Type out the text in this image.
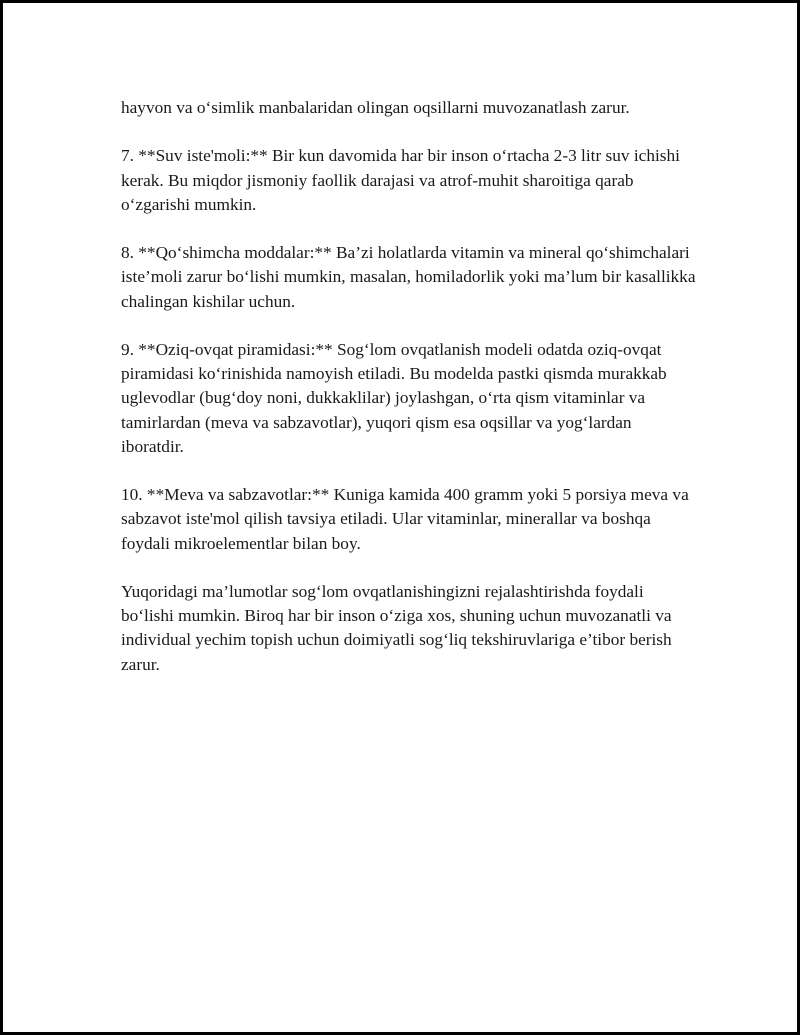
hayvon va o‘simlik manbalaridan olingan oqsillarni muvozanatlash zarur.

7. **Suv iste'moli:** Bir kun davomida har bir inson o‘rtacha 2-3 litr suv ichishi kerak. Bu miqdor jismoniy faollik darajasi va atrof-muhit sharoitiga qarab o‘zgarishi mumkin.

8. **Qo‘shimcha moddalar:** Ba’zi holatlarda vitamin va mineral qo‘shimchalari iste’moli zarur bo‘lishi mumkin, masalan, homiladorlik yoki ma’lum bir kasallikka chalingan kishilar uchun.

9. **Oziq-ovqat piramidasi:** Sog‘lom ovqatlanish modeli odatda oziq-ovqat piramidasi ko‘rinishida namoyish etiladi. Bu modelda pastki qismda murakkab uglevodlar (bug‘doy noni, dukkaklilar) joylashgan, o‘rta qism vitaminlar va tamirlardan (meva va sabzavotlar), yuqori qism esa oqsillar va yog‘lardan iboratdir.

10. **Meva va sabzavotlar:** Kuniga kamida 400 gramm yoki 5 porsiya meva va sabzavot iste'mol qilish tavsiya etiladi. Ular vitaminlar, minerallar va boshqa foydali mikroelementlar bilan boy.

Yuqoridagi ma’lumotlar sog‘lom ovqatlanishingizni rejalashtirishda foydali bo‘lishi mumkin. Biroq har bir inson o‘ziga xos, shuning uchun muvozanatli va individual yechim topish uchun doimiyatli sog‘liq tekshiruvlariga e’tibor berish zarur.
